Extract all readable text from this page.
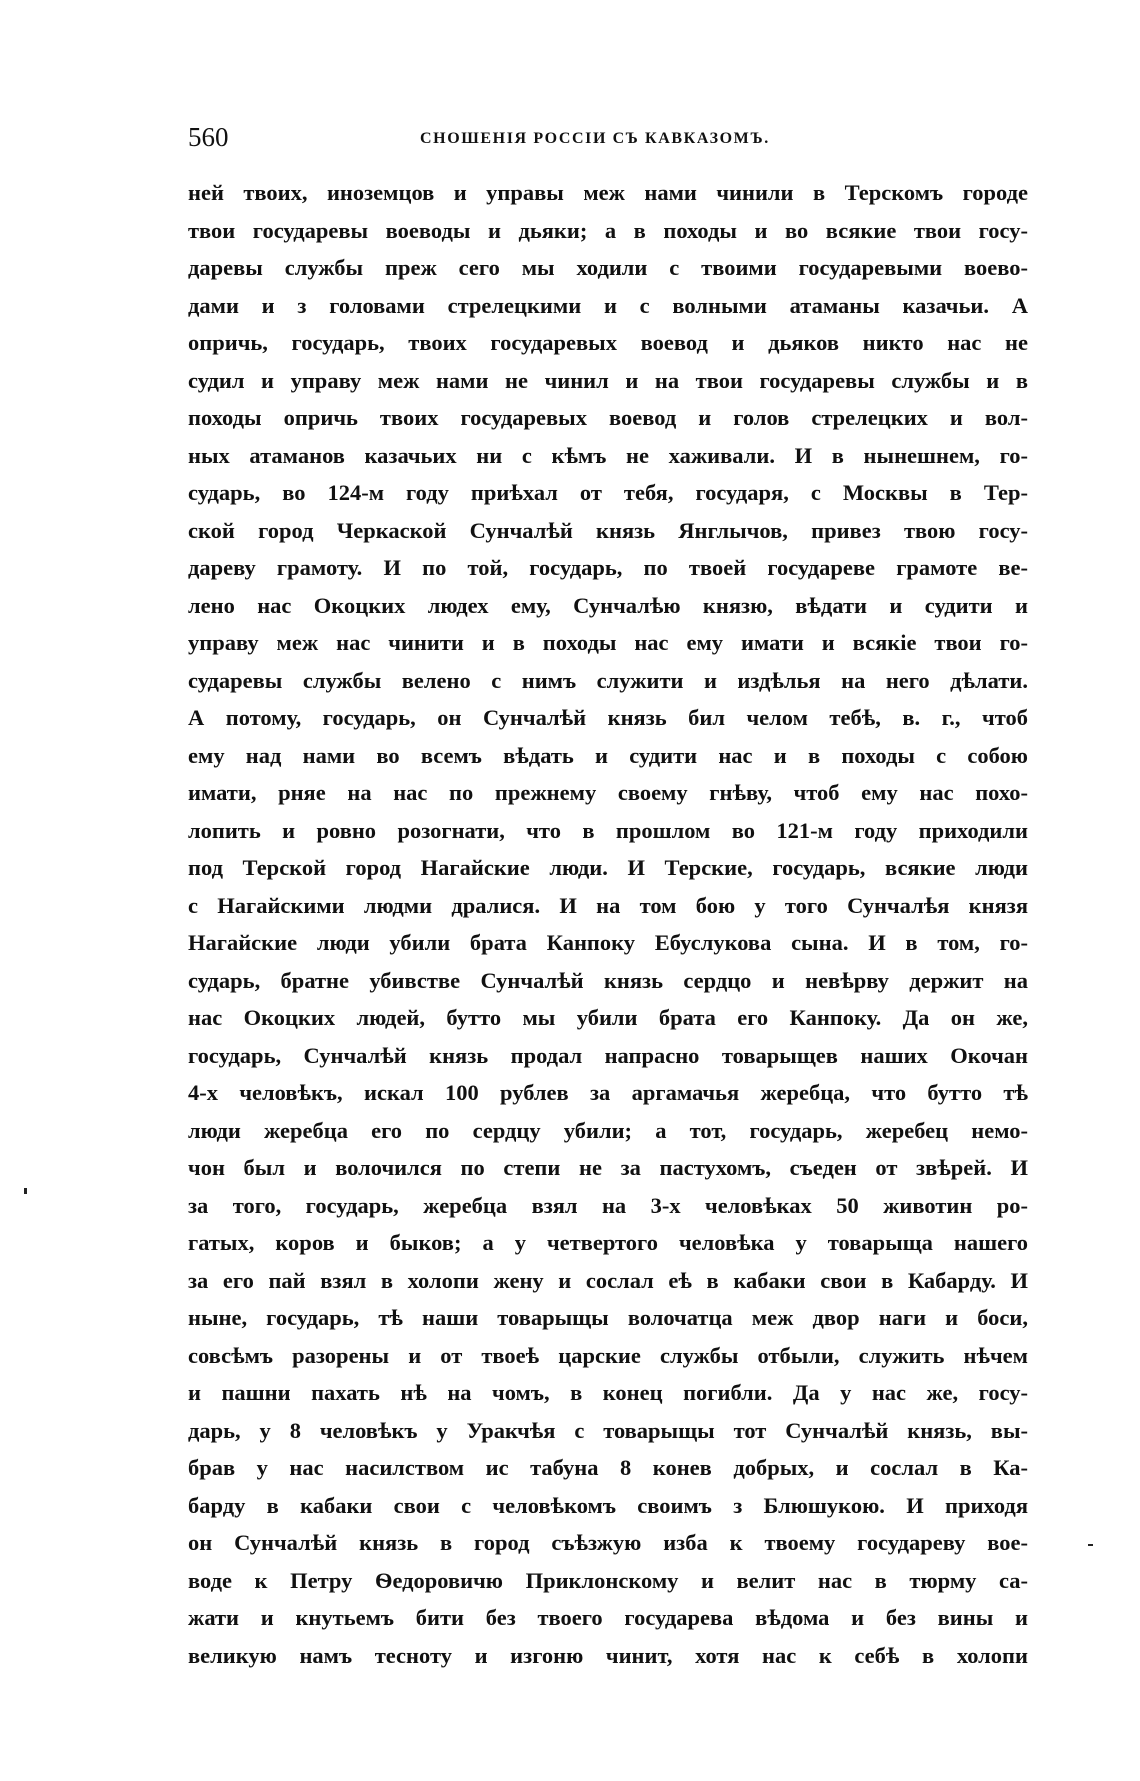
560	СНОШЕНІЯ РОССІИ СЪ КАВКАЗОМЪ.
ней твоих, иноземцов и управы меж нами чинили в Терскомъ городе
твои государевы воеводы и дьяки; а в походы и во всякие твои госу-
даревы службы преж сего мы ходили с твоими государевыми воево-
дами и з головами стрелецкими и с волными атаманы казачьи. А
опричь, государь, твоих государевых воевод и дьяков никто нас не
судил и управу меж нами не чинил и на твои государевы службы и в
походы опричь твоих государевых воевод и голов стрелецких и вол-
ных атаманов казачьих ни с кѣмъ не хаживали. И в нынешнем, го-
сударь, во 124-м году приѣхал от тебя, государя, с Москвы в Тер-
ской город Черкаской Сунчалѣй князь Янглычов, привез твою госу-
дареву грамоту. И по той, государь, по твоей государеве грамоте ве-
лено нас Окоцких людех ему, Сунчалѣю князю, вѣдати и судити и
управу меж нас чинити и в походы нас ему имати и всякіе твои го-
сударевы службы велено с нимъ служити и издѣлья на него дѣлати.
А потому, государь, он Сунчалѣй князь бил челом тебѣ, в. г., чтоб
ему над нами во всемъ вѣдать и судити нас и в походы с собою
имати, рняе на нас по прежнему своему гнѣву, чтоб ему нас похо-
лопить и ровно розогнати, что в прошлом во 121-м году приходили
под Терской город Нагайские люди. И Терские, государь, всякие люди
с Нагайскими людми дралися. И на том бою у того Сунчалѣя князя
Нагайские люди убили брата Канпоку Ебуслукова сына. И в том, го-
сударь, братне убивстве Сунчалѣй князь сердцо и невѣрву держит на
нас Окоцких людей, бутто мы убили брата его Канпоку. Да он же,
государь, Сунчалѣй князь продал напрасно товарыщев наших Окочан
4-х человѣкъ, искал 100 рублев за аргамачья жеребца, что бутто тѣ
люди жеребца его по сердцу убили; а тот, государь, жеребец немо-
чон был и волочился по степи не за пастухомъ, съеден от звѣрей. И
за того, государь, жеребца взял на 3-х человѣках 50 животин ро-
гатых, коров и быков; а у четвертого человѣка у товарыща нашего
за его пай взял в холопи жену и сослал еѣ в кабаки свои в Кабарду. И
ныне, государь, тѣ наши товарыщы волочатца меж двор наги и боси,
совсѣмъ разорены и от твоеѣ царские службы отбыли, служить нѣчем
и пашни пахать нѣ на чомъ, в конец погибли. Да у нас же, госу-
дарь, у 8 человѣкъ у Уракчѣя с товарыщы тот Сунчалѣй князь, вы-
брав у нас насилством ис табуна 8 конев добрых, и сослал в Ка-
барду в кабаки свои с человѣкомъ своимъ з Блюшукою. И приходя
он Сунчалѣй князь в город съѣзжую изба к твоему государеву вое-
воде к Петру Ѳедоровичю Приклонскому и велит нас в тюрму са-
жати и кнутьемъ бити без твоего государева вѣдома и без вины и
великую намъ тесноту и изгоню чинит, хотя нас к себѣ в холопи
